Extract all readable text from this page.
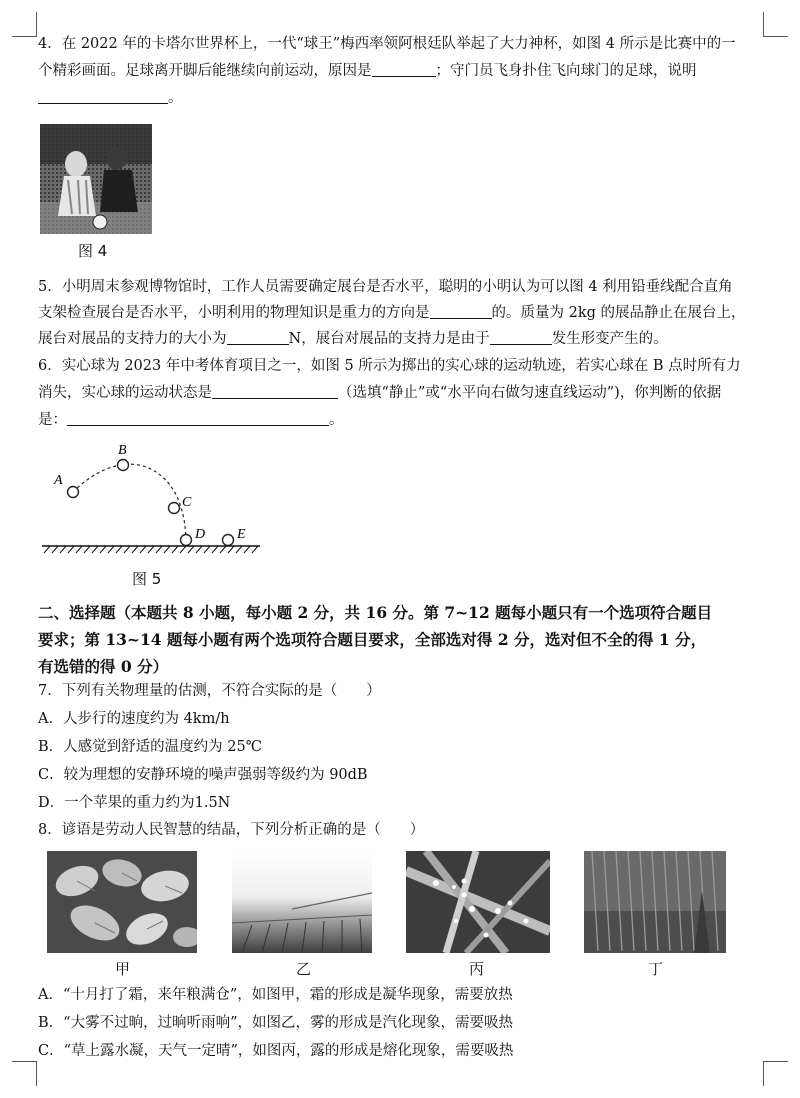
4．在 2022 年的卡塔尔世界杯上，一代“球王”梅西率领阿根廷队举起了大力神杯，如图 4 所示是比赛中的一
个精彩画面。足球离开脚后能继续向前运动，原因是	；守门员飞身扑住飞向球门的足球，说明
。
图 4
5．小明周末参观博物馆时，工作人员需要确定展台是否水平，聪明的小明认为可以图 4 利用铅垂线配合直角
支架检查展台是否水平，小明利用的物理知识是重力的方向是	的。质量为 2kg 的展品静止在展台上，
展台对展品的支持力的大小为	N，展台对展品的支持力是由于	发生形变产生的。
6．实心球为 2023 年中考体育项目之一，如图 5 所示为掷出的实心球的运动轨迹，若实心球在 B 点时所有力
消失，实心球的运动状态是	（选填“静止”或“水平向右做匀速直线运动”)，你判断的依据
是：	。
A
B
C
D E
图 5
二、选择题（本题共 8 小题，每小题 2 分，共 16 分。第 7~12 题每小题只有一个选项符合题目
要求；第 13~14 题每小题有两个选项符合题目要求，全部选对得 2 分，选对但不全的得 1 分，
有选错的得 0 分）
7．下列有关物理量的估测，不符合实际的是（　　）
A．人步行的速度约为 4km/h
B．人感觉到舒适的温度约为 25℃
C．较为理想的安静环境的噪声强弱等级约为 90dB
D．一个苹果的重力约为1.5N
8．谚语是劳动人民智慧的结晶，下列分析正确的是（　　）
甲	乙	丙	丁
A．“十月打了霜，来年粮满仓”，如图甲，霜的形成是凝华现象，需要放热
B．“大雾不过晌，过晌听雨响”，如图乙，雾的形成是汽化现象，需要吸热
C．“草上露水凝，天气一定晴”，如图丙，露的形成是熔化现象，需要吸热
